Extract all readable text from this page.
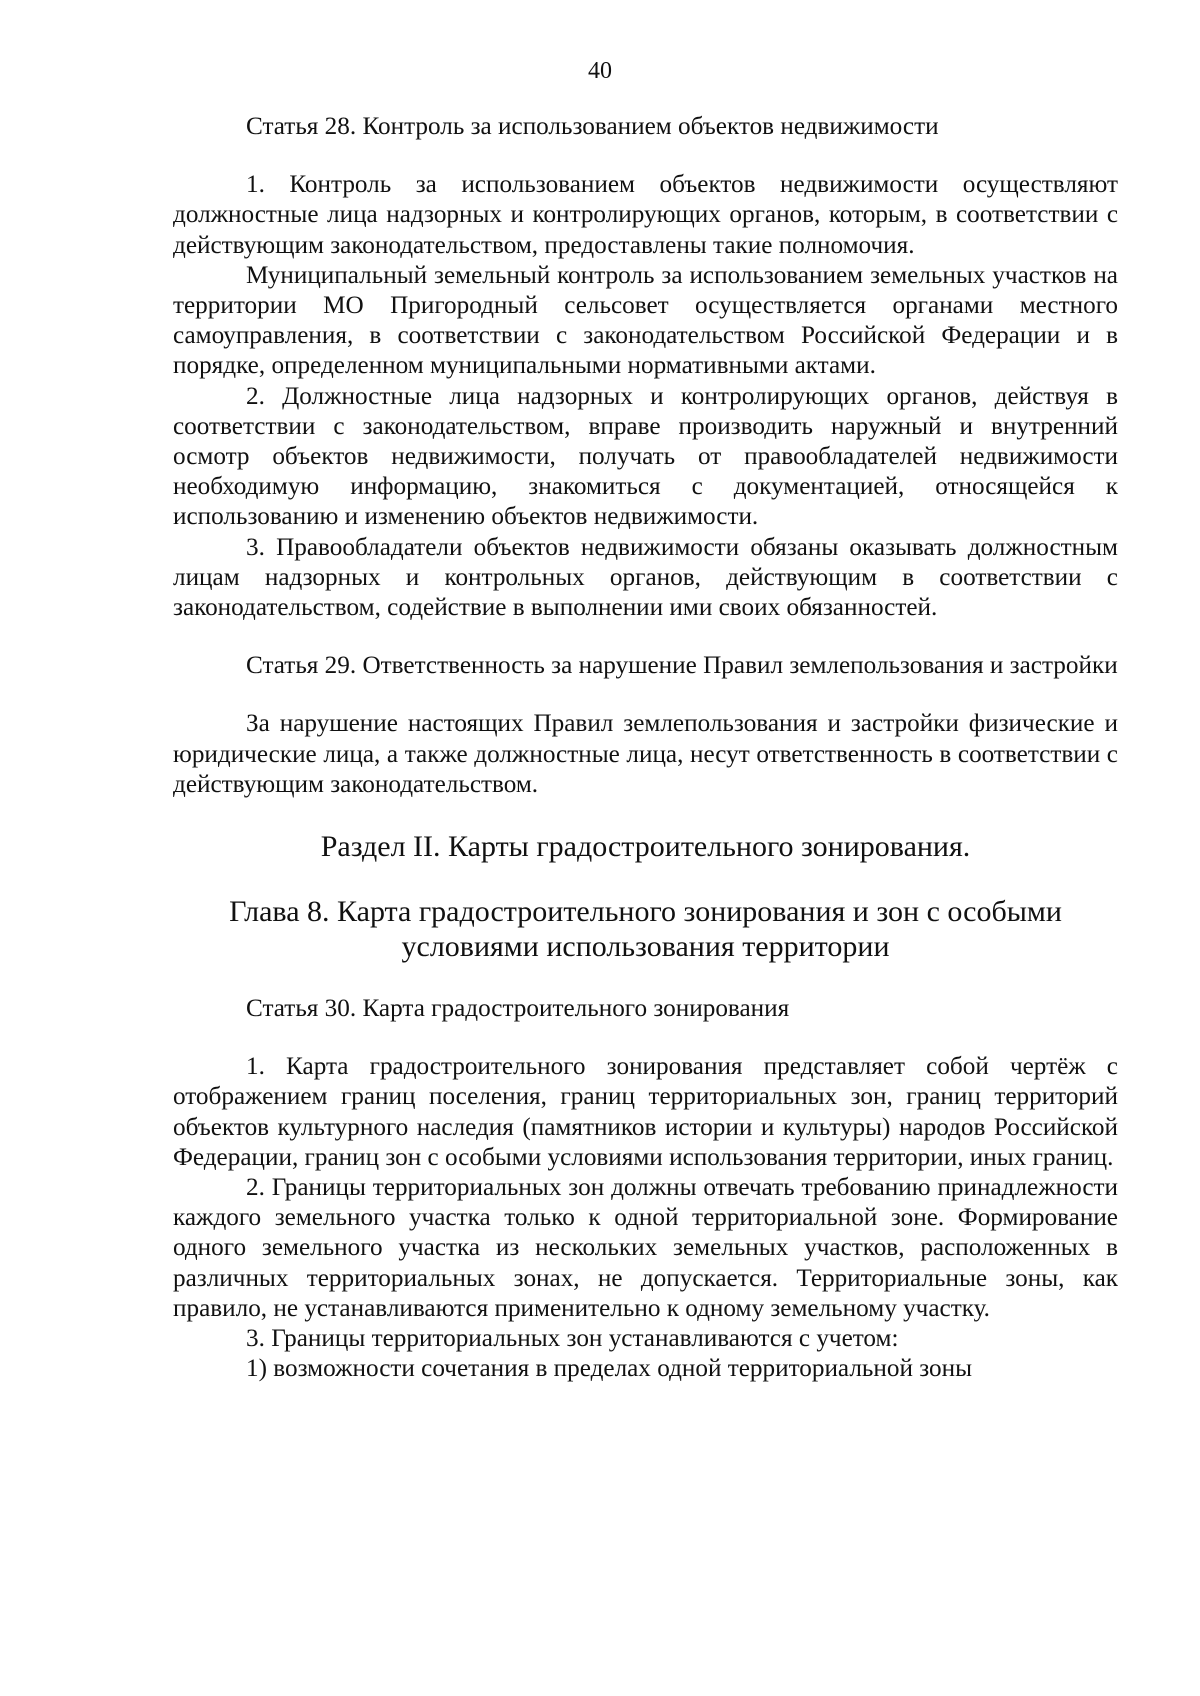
40

Статья 28. Контроль за использованием объектов недвижимости

1. Контроль за использованием объектов недвижимости осуществляют должностные лица надзорных и контролирующих органов, которым, в соответствии с действующим законодательством, предоставлены такие полномочия.

Муниципальный земельный контроль за использованием земельных участков на территории МО Пригородный сельсовет осуществляется органами местного самоуправления, в соответствии с законодательством Российской Федерации и в порядке, определенном муниципальными нормативными актами.

2. Должностные лица надзорных и контролирующих органов, действуя в соответствии с законодательством, вправе производить наружный и внутренний осмотр объектов недвижимости, получать от правообладателей недвижимости необходимую информацию, знакомиться с документацией, относящейся к использованию и изменению объектов недвижимости.

3. Правообладатели объектов недвижимости обязаны оказывать должностным лицам надзорных и контрольных органов, действующим в соответствии с законодательством, содействие в выполнении ими своих обязанностей.

Статья 29. Ответственность за нарушение Правил землепользования и застройки

За нарушение настоящих Правил землепользования и застройки физические и юридические лица, а также должностные лица, несут ответственность в соответствии с действующим законодательством.

Раздел II. Карты градостроительного зонирования.

Глава 8. Карта градостроительного зонирования и зон с особыми условиями использования территории

Статья 30. Карта градостроительного зонирования

1. Карта градостроительного зонирования представляет собой чертёж с отображением границ поселения, границ территориальных зон, границ территорий объектов культурного наследия (памятников истории и культуры) народов Российской Федерации, границ зон с особыми условиями использования территории, иных границ.

2. Границы территориальных зон должны отвечать требованию принадлежности каждого земельного участка только к одной территориальной зоне. Формирование одного земельного участка из нескольких земельных участков, расположенных в различных территориальных зонах, не допускается. Территориальные зоны, как правило, не устанавливаются применительно к одному земельному участку.

3. Границы территориальных зон устанавливаются с учетом:

1) возможности сочетания в пределах одной территориальной зоны
